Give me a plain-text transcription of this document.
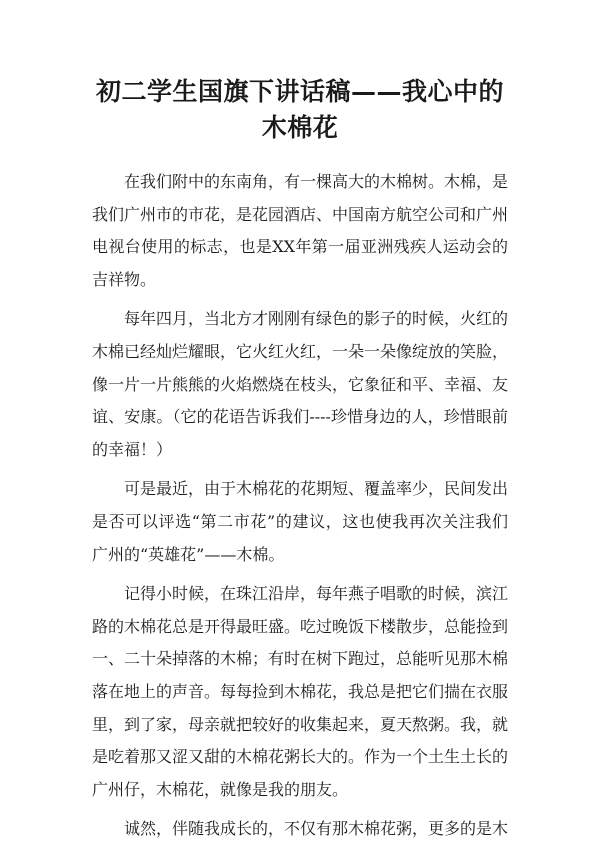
初二学生国旗下讲话稿——我心中的木棉花
在我们附中的东南角，有一棵高大的木棉树。木棉，是我们广州市的市花，是花园酒店、中国南方航空公司和广州电视台使用的标志，也是XX年第一届亚洲残疾人运动会的吉祥物。
每年四月，当北方才刚刚有绿色的影子的时候，火红的木棉已经灿烂耀眼，它火红火红，一朵一朵像绽放的笑脸，像一片一片熊熊的火焰燃烧在枝头，它象征和平、幸福、友谊、安康。（它的花语告诉我们----珍惜身边的人，珍惜眼前的幸福！）
可是最近，由于木棉花的花期短、覆盖率少，民间发出是否可以评选“第二市花”的建议，这也使我再次关注我们广州的“英雄花”——木棉。
记得小时候，在珠江沿岸，每年燕子唱歌的时候，滨江路的木棉花总是开得最旺盛。吃过晚饭下楼散步，总能捡到一、二十朵掉落的木棉；有时在树下跑过，总能听见那木棉落在地上的声音。每每捡到木棉花，我总是把它们揣在衣服里，到了家，母亲就把较好的收集起来，夏天熬粥。我，就是吃着那又涩又甜的木棉花粥长大的。作为一个土生土长的广州仔，木棉花，就像是我的朋友。
诚然，伴随我成长的，不仅有那木棉花粥，更多的是木
